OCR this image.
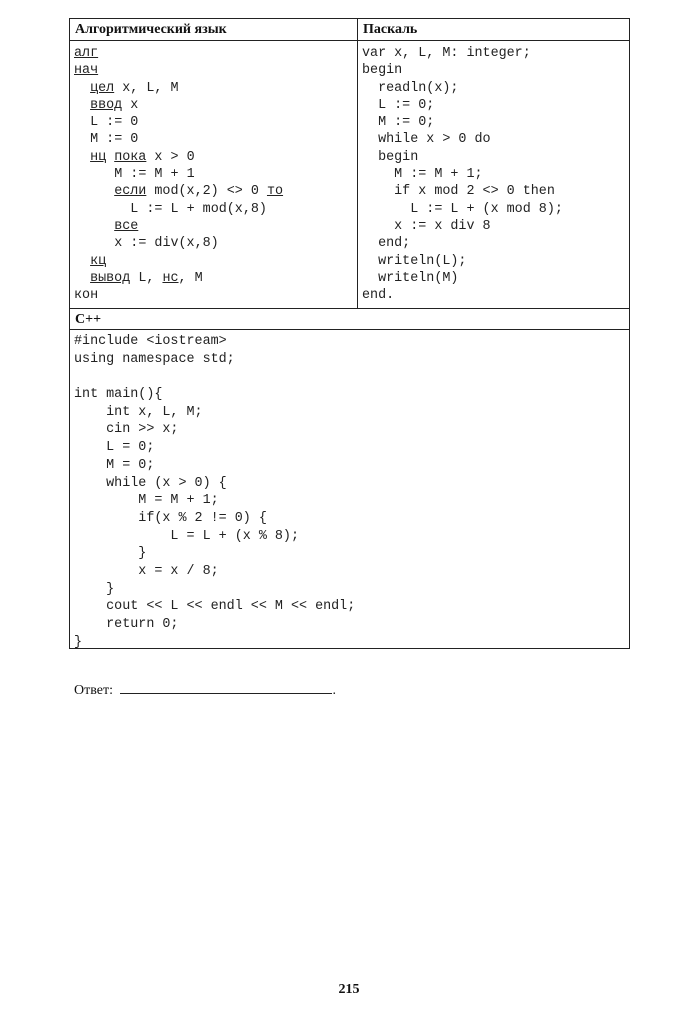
Алгоритмический язык	Паскаль
алг
нач
цел x, L, M
ввод x
L := 0
M := 0
нц пока x > 0
M := M + 1
если mod(x,2) <> 0 то
L := L + mod(x,8)
все
x := div(x,8)
кц
вывод L, нс, M
кон
var x, L, M: integer;
begin
readln(x);
L := 0;
M := 0;
while x > 0 do
begin
M := M + 1;
if x mod 2 <> 0 then
L := L + (x mod 8);
x := x div 8
end;
writeln(L);
writeln(M)
end.
C++
#include <iostream>
using namespace std;
int main(){
int x, L, M;
cin >> x;
L = 0;
M = 0;
while (x > 0) {
M = M + 1;
if(x % 2 != 0) {
L = L + (x % 8);
}
x = x / 8;
}
cout << L << endl << M << endl;
return 0;
}
Ответ:	.
215
